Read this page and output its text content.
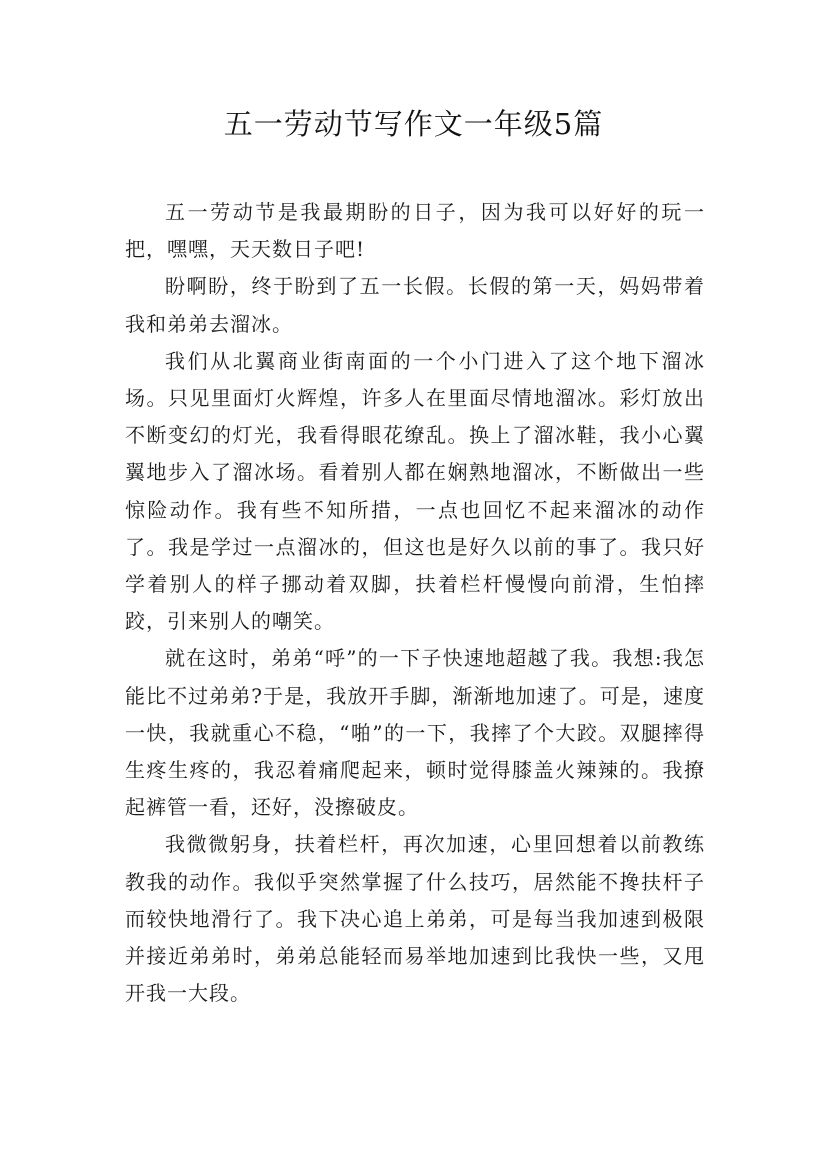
五一劳动节写作文一年级5篇

五一劳动节是我最期盼的日子，因为我可以好好的玩一把，嘿嘿，天天数日子吧!

盼啊盼，终于盼到了五一长假。长假的第一天，妈妈带着我和弟弟去溜冰。

我们从北翼商业街南面的一个小门进入了这个地下溜冰场。只见里面灯火辉煌，许多人在里面尽情地溜冰。彩灯放出不断变幻的灯光，我看得眼花缭乱。换上了溜冰鞋，我小心翼翼地步入了溜冰场。看着别人都在娴熟地溜冰，不断做出一些惊险动作。我有些不知所措，一点也回忆不起来溜冰的动作了。我是学过一点溜冰的，但这也是好久以前的事了。我只好学着别人的样子挪动着双脚，扶着栏杆慢慢向前滑，生怕摔跤，引来别人的嘲笑。

就在这时，弟弟“呼”的一下子快速地超越了我。我想:我怎能比不过弟弟?于是，我放开手脚，渐渐地加速了。可是，速度一快，我就重心不稳，“啪”的一下，我摔了个大跤。双腿摔得生疼生疼的，我忍着痛爬起来，顿时觉得膝盖火辣辣的。我撩起裤管一看，还好，没擦破皮。

我微微躬身，扶着栏杆，再次加速，心里回想着以前教练教我的动作。我似乎突然掌握了什么技巧，居然能不搀扶杆子而较快地滑行了。我下决心追上弟弟，可是每当我加速到极限并接近弟弟时，弟弟总能轻而易举地加速到比我快一些，又甩开我一大段。
